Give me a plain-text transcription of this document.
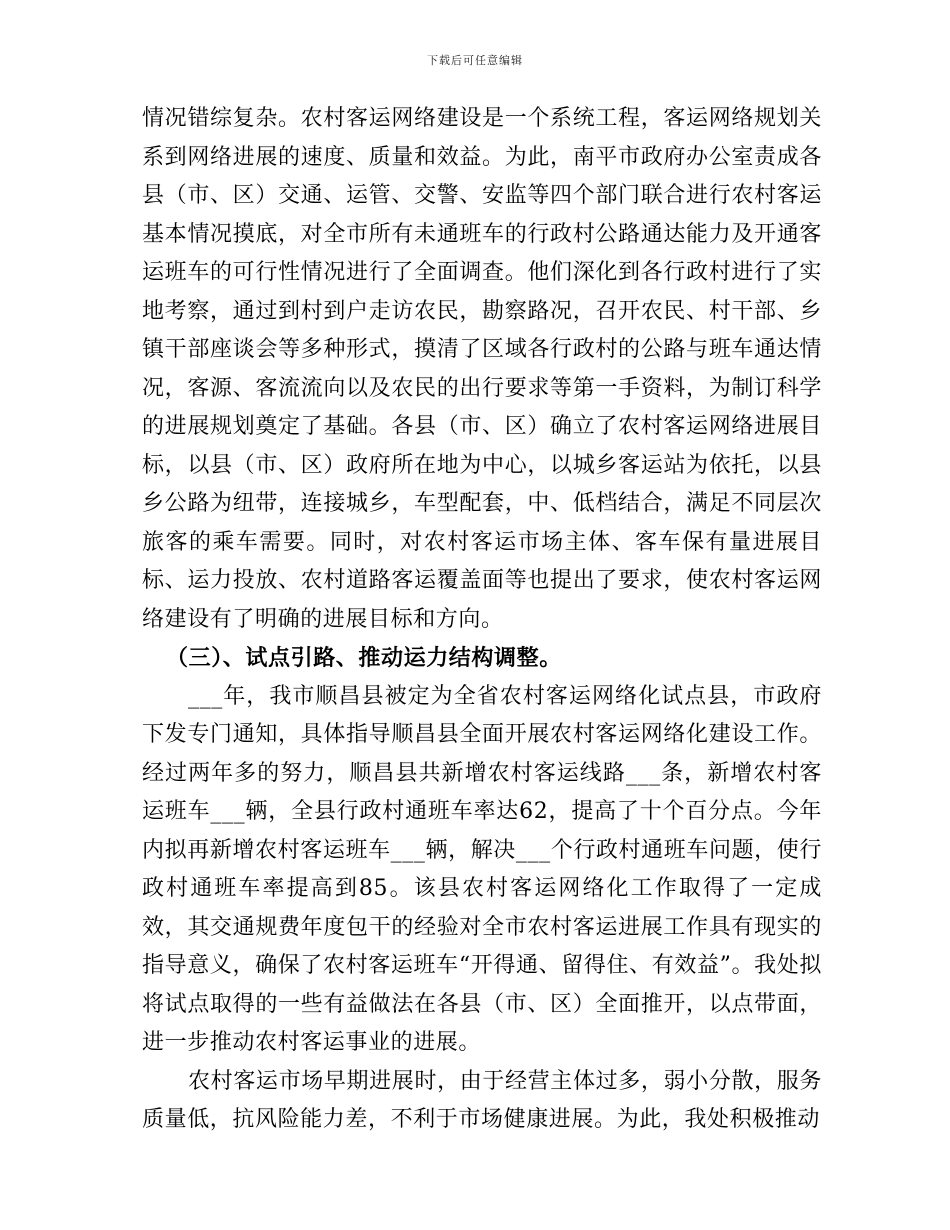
下载后可任意编辑

情况错综复杂。农村客运网络建设是一个系统工程，客运网络规划关系到网络进展的速度、质量和效益。为此，南平市政府办公室责成各县（市、区）交通、运管、交警、安监等四个部门联合进行农村客运基本情况摸底，对全市所有未通班车的行政村公路通达能力及开通客运班车的可行性情况进行了全面调查。他们深化到各行政村进行了实地考察，通过到村到户走访农民，勘察路况，召开农民、村干部、乡镇干部座谈会等多种形式，摸清了区域各行政村的公路与班车通达情况，客源、客流流向以及农民的出行要求等第一手资料，为制订科学的进展规划奠定了基础。各县（市、区）确立了农村客运网络进展目标，以县（市、区）政府所在地为中心，以城乡客运站为依托，以县乡公路为纽带，连接城乡，车型配套，中、低档结合，满足不同层次旅客的乘车需要。同时，对农村客运市场主体、客车保有量进展目标、运力投放、农村道路客运覆盖面等也提出了要求，使农村客运网络建设有了明确的进展目标和方向。

（三）、试点引路、推动运力结构调整。

___年，我市顺昌县被定为全省农村客运网络化试点县，市政府下发专门通知，具体指导顺昌县全面开展农村客运网络化建设工作。经过两年多的努力，顺昌县共新增农村客运线路___条，新增农村客运班车___辆，全县行政村通班车率达62，提高了十个百分点。今年内拟再新增农村客运班车___辆，解决___个行政村通班车问题，使行政村通班车率提高到85。该县农村客运网络化工作取得了一定成效，其交通规费年度包干的经验对全市农村客运进展工作具有现实的指导意义，确保了农村客运班车“开得通、留得住、有效益”。我处拟将试点取得的一些有益做法在各县（市、区）全面推开，以点带面，进一步推动农村客运事业的进展。

农村客运市场早期进展时，由于经营主体过多，弱小分散，服务质量低，抗风险能力差，不利于市场健康进展。为此，我处积极推动
